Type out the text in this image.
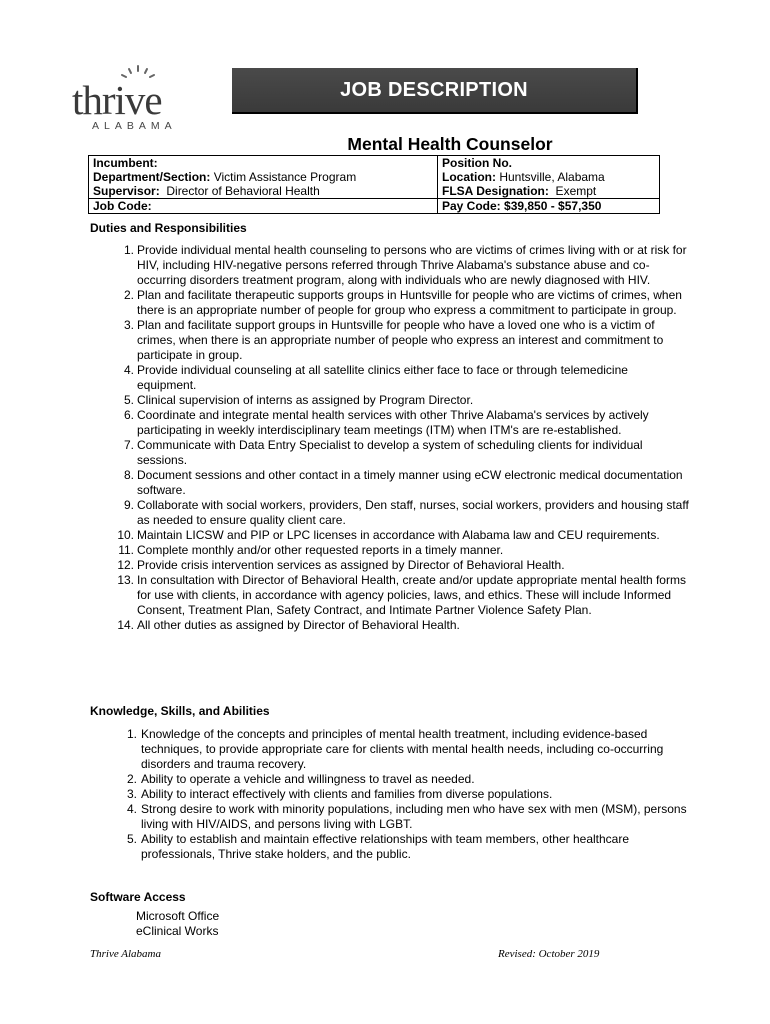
thrive
ALABAMA
JOB DESCRIPTION
Mental Health Counselor
Incumbent:	Position No.
Department/Section: Victim Assistance Program	Location: Huntsville, Alabama
Supervisor:  Director of Behavioral Health	FLSA Designation:  Exempt
Job Code:	Pay Code: $39,850 - $57,350
Duties and Responsibilities
1. Provide individual mental health counseling to persons who are victims of crimes living with or at risk for HIV, including HIV-negative persons referred through Thrive Alabama's substance abuse and co-occurring disorders treatment program, along with individuals who are newly diagnosed with HIV.
2. Plan and facilitate therapeutic supports groups in Huntsville for people who are victims of crimes, when there is an appropriate number of people for group who express a commitment to participate in group.
3. Plan and facilitate support groups in Huntsville for people who have a loved one who is a victim of crimes, when there is an appropriate number of people who express an interest and commitment to participate in group.
4. Provide individual counseling at all satellite clinics either face to face or through telemedicine equipment.
5. Clinical supervision of interns as assigned by Program Director.
6. Coordinate and integrate mental health services with other Thrive Alabama's services by actively participating in weekly interdisciplinary team meetings (ITM) when ITM's are re-established.
7. Communicate with Data Entry Specialist to develop a system of scheduling clients for individual sessions.
8. Document sessions and other contact in a timely manner using eCW electronic medical documentation software.
9. Collaborate with social workers, providers, Den staff, nurses, social workers, providers and housing staff as needed to ensure quality client care.
10. Maintain LICSW and PIP or LPC licenses in accordance with Alabama law and CEU requirements.
11. Complete monthly and/or other requested reports in a timely manner.
12. Provide crisis intervention services as assigned by Director of Behavioral Health.
13. In consultation with Director of Behavioral Health, create and/or update appropriate mental health forms for use with clients, in accordance with agency policies, laws, and ethics. These will include Informed Consent, Treatment Plan, Safety Contract, and Intimate Partner Violence Safety Plan.
14. All other duties as assigned by Director of Behavioral Health.
Knowledge, Skills, and Abilities
1. Knowledge of the concepts and principles of mental health treatment, including evidence-based techniques, to provide appropriate care for clients with mental health needs, including co-occurring disorders and trauma recovery.
2. Ability to operate a vehicle and willingness to travel as needed.
3. Ability to interact effectively with clients and families from diverse populations.
4. Strong desire to work with minority populations, including men who have sex with men (MSM), persons living with HIV/AIDS, and persons living with LGBT.
5. Ability to establish and maintain effective relationships with team members, other healthcare professionals, Thrive stake holders, and the public.
Software Access
Microsoft Office
eClinical Works
Thrive Alabama	Revised: October 2019
